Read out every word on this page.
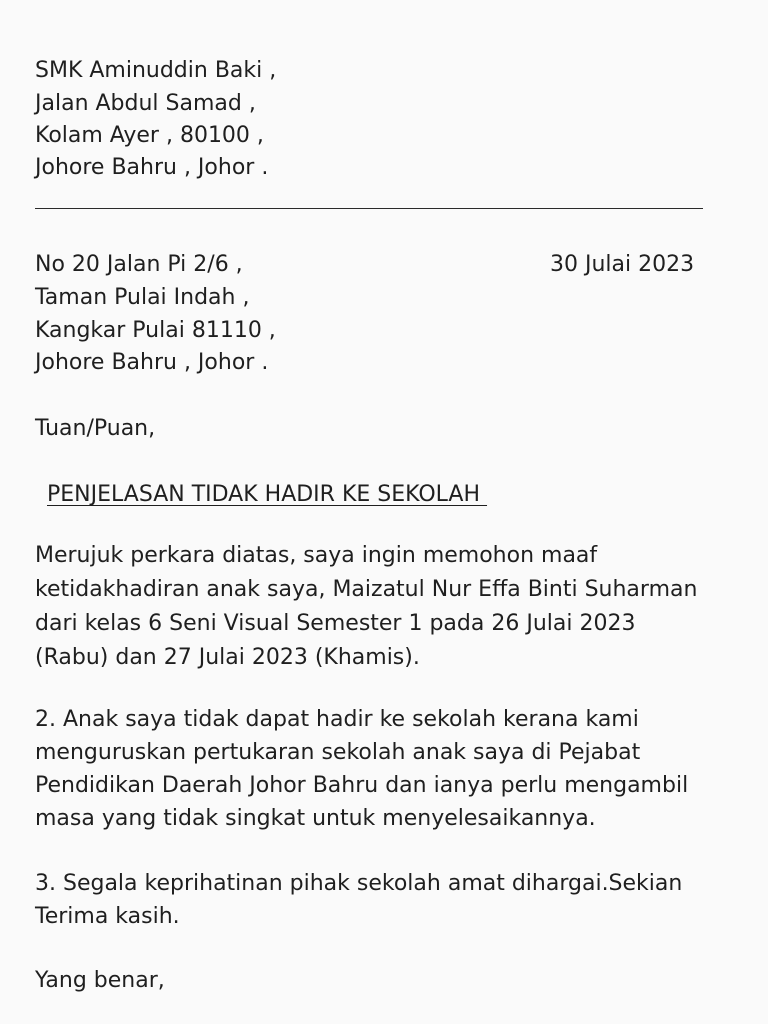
SMK Aminuddin Baki ,
Jalan Abdul Samad ,
Kolam Ayer , 80100 ,
Johore Bahru , Johor .
No 20 Jalan Pi 2/6 ,	30 Julai 2023
Taman Pulai Indah ,
Kangkar Pulai 81110 ,
Johore Bahru , Johor .
Tuan/Puan,
PENJELASAN TIDAK HADIR KE SEKOLAH
Merujuk perkara diatas, saya ingin memohon maaf
ketidakhadiran anak saya, Maizatul Nur Effa Binti Suharman
dari kelas 6 Seni Visual Semester 1 pada 26 Julai 2023
(Rabu) dan 27 Julai 2023 (Khamis).
2. Anak saya tidak dapat hadir ke sekolah kerana kami
menguruskan pertukaran sekolah anak saya di Pejabat
Pendidikan Daerah Johor Bahru dan ianya perlu mengambil
masa yang tidak singkat untuk menyelesaikannya.
3. Segala keprihatinan pihak sekolah amat dihargai.Sekian
Terima kasih.
Yang benar,
